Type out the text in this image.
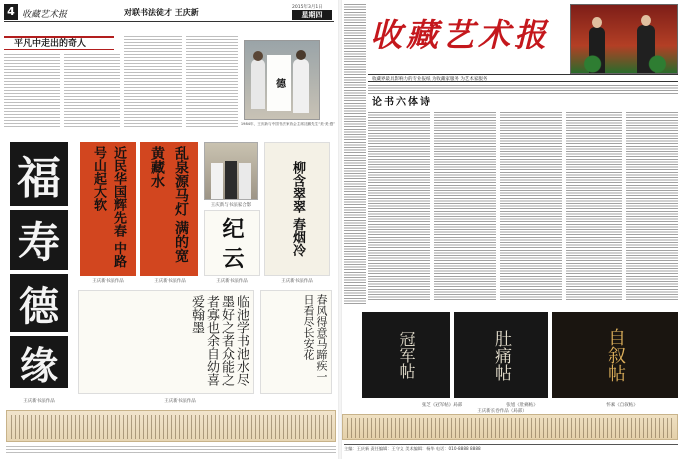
4 收藏艺术报	对联书法徒才 王庆新
2015年3月1日
星期四
平凡中走出的奇人
德
1984年，王庆新与中国书法家协会主席沈鹏先生“美·美·感”
福
寿
德
缘
王庆新书法作品
近民华国辉先春 中路号山起大软
王庆新书法作品
乱泉源马灯 满的宽黄藏水
王庆新书法作品
王庆新与书法家合影
纪 云
王庆新书法作品
柳含翠翠 春烟冷
王庆新书法作品
临池学书池水尽墨好之者众能之者寡也余自幼喜爱翰墨
王庆新书法作品
春风得意马蹄疾一日看尽长安花
收藏艺术报
收藏界最具影响力的专业报纸 为收藏家服务 为艺术家服务
论书六体诗
冠军帖
张芝《冠军帖》局部
肚痛帖	自叙帖
怀素《自叙帖》
张旭《肚痛帖》
王庆新长卷作品（局部）
主编：王庆新 责任编辑：王守义 美术编辑：杨华 电话：010-8888 8888
